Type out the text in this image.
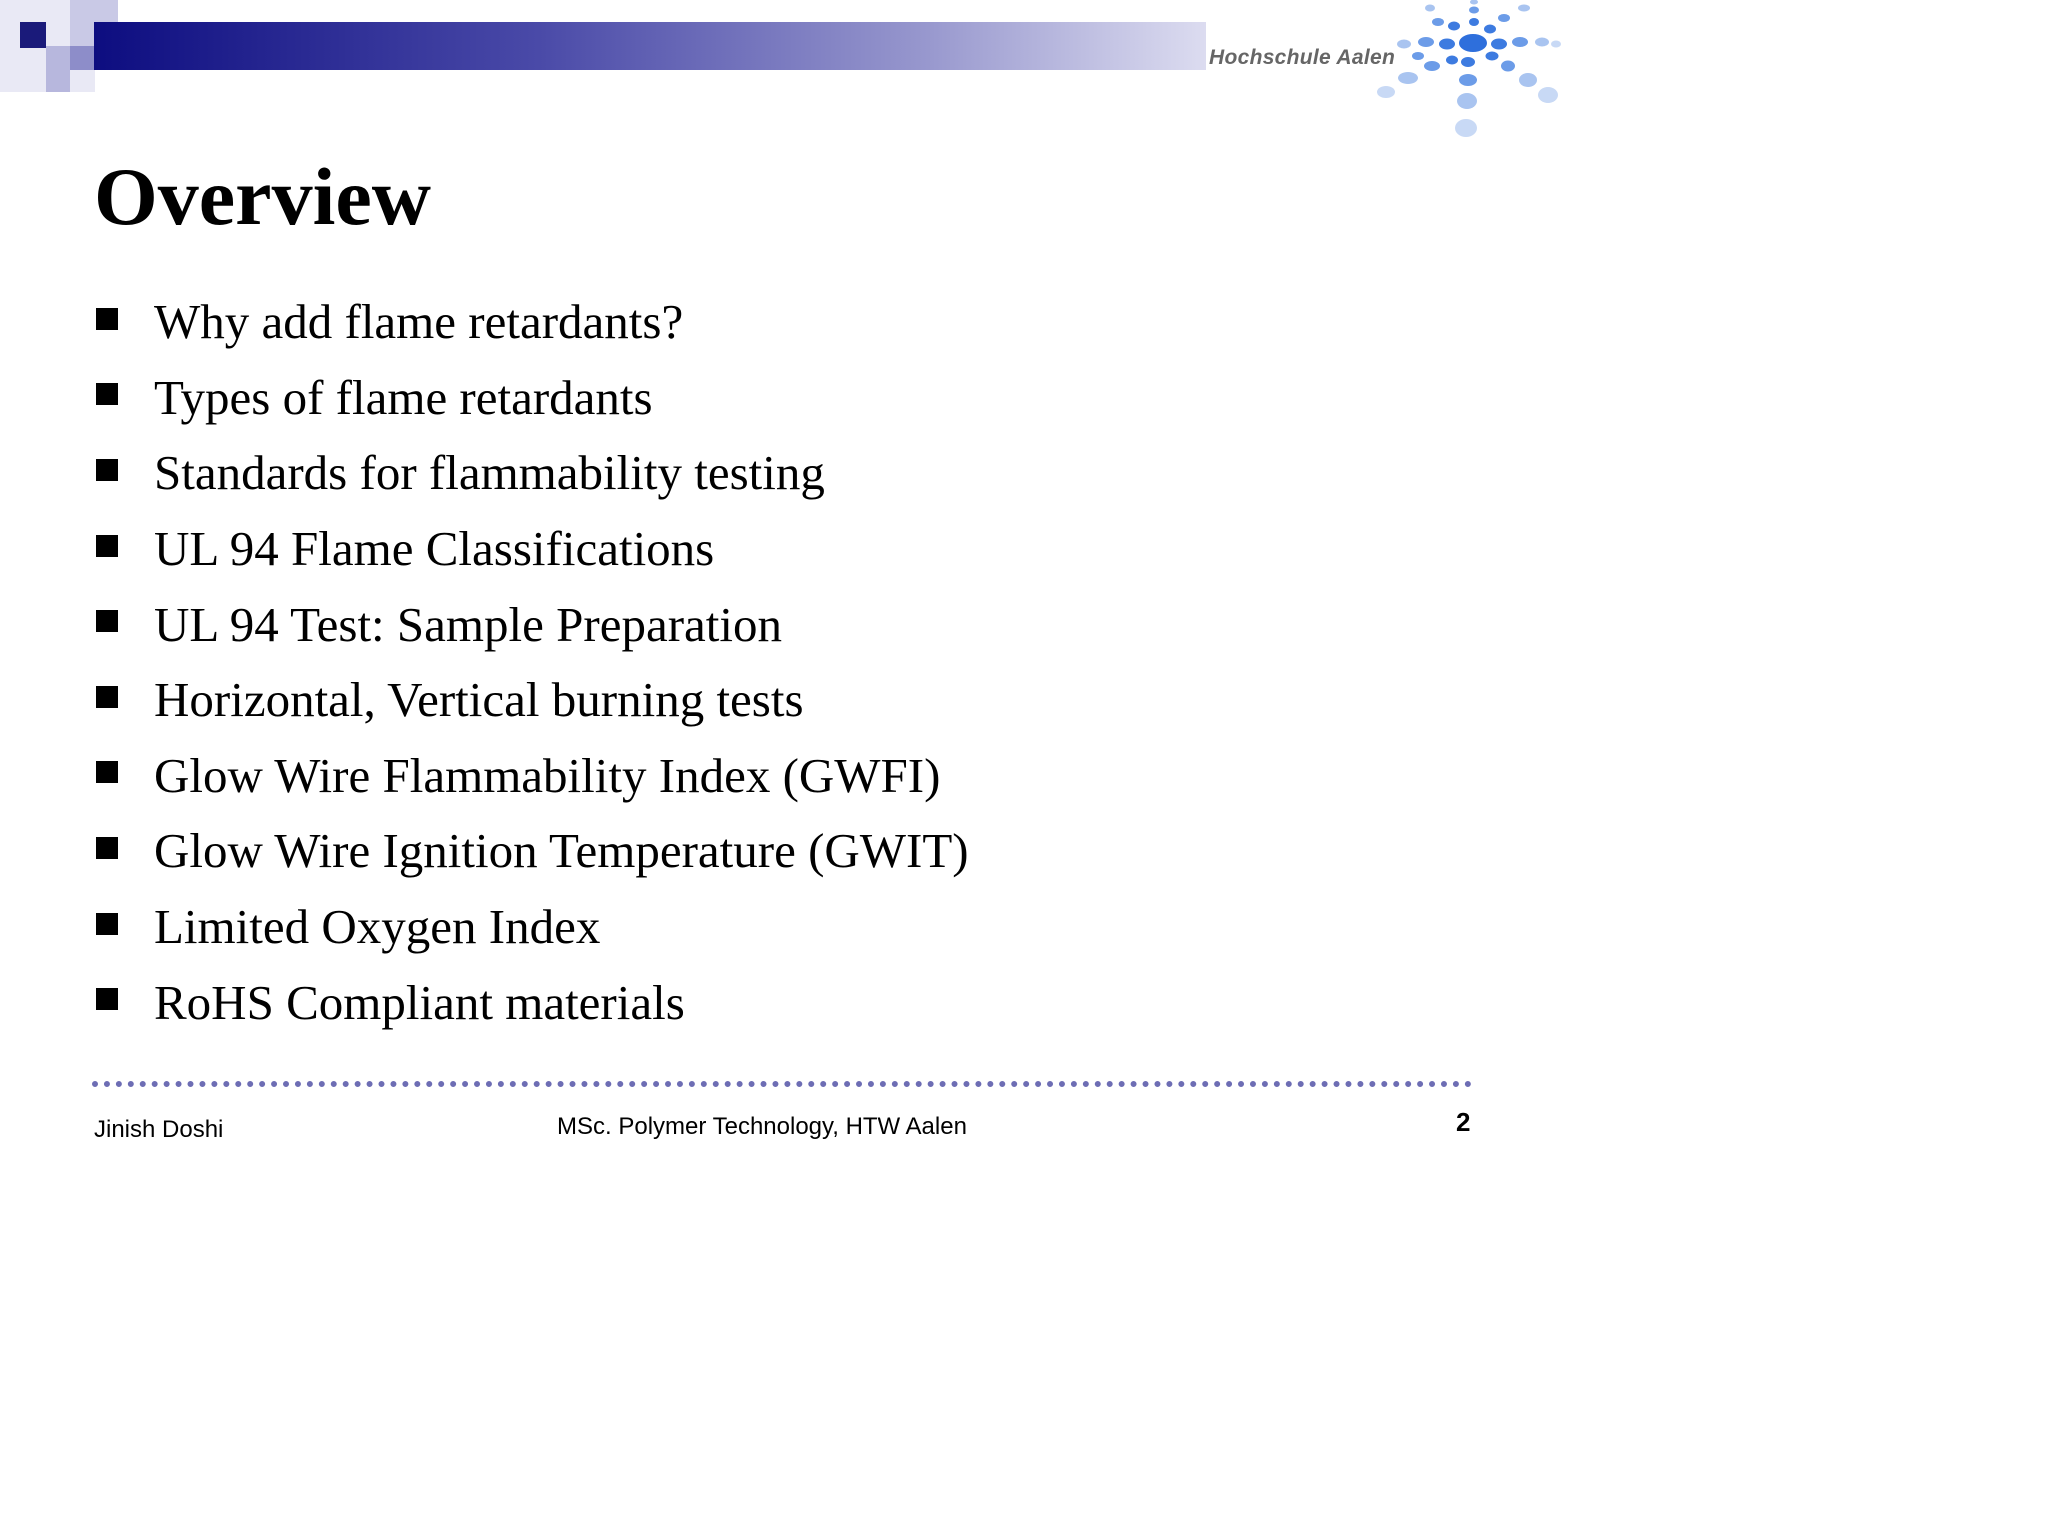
Hochschule Aalen
Overview
Why add flame retardants?
Types of flame retardants
Standards for flammability testing
UL 94 Flame Classifications
UL 94 Test: Sample Preparation
Horizontal, Vertical burning tests
Glow Wire Flammability Index (GWFI)
Glow Wire Ignition Temperature (GWIT)
Limited Oxygen Index
RoHS Compliant materials
Jinish Doshi	MSc. Polymer Technology, HTW Aalen	2
